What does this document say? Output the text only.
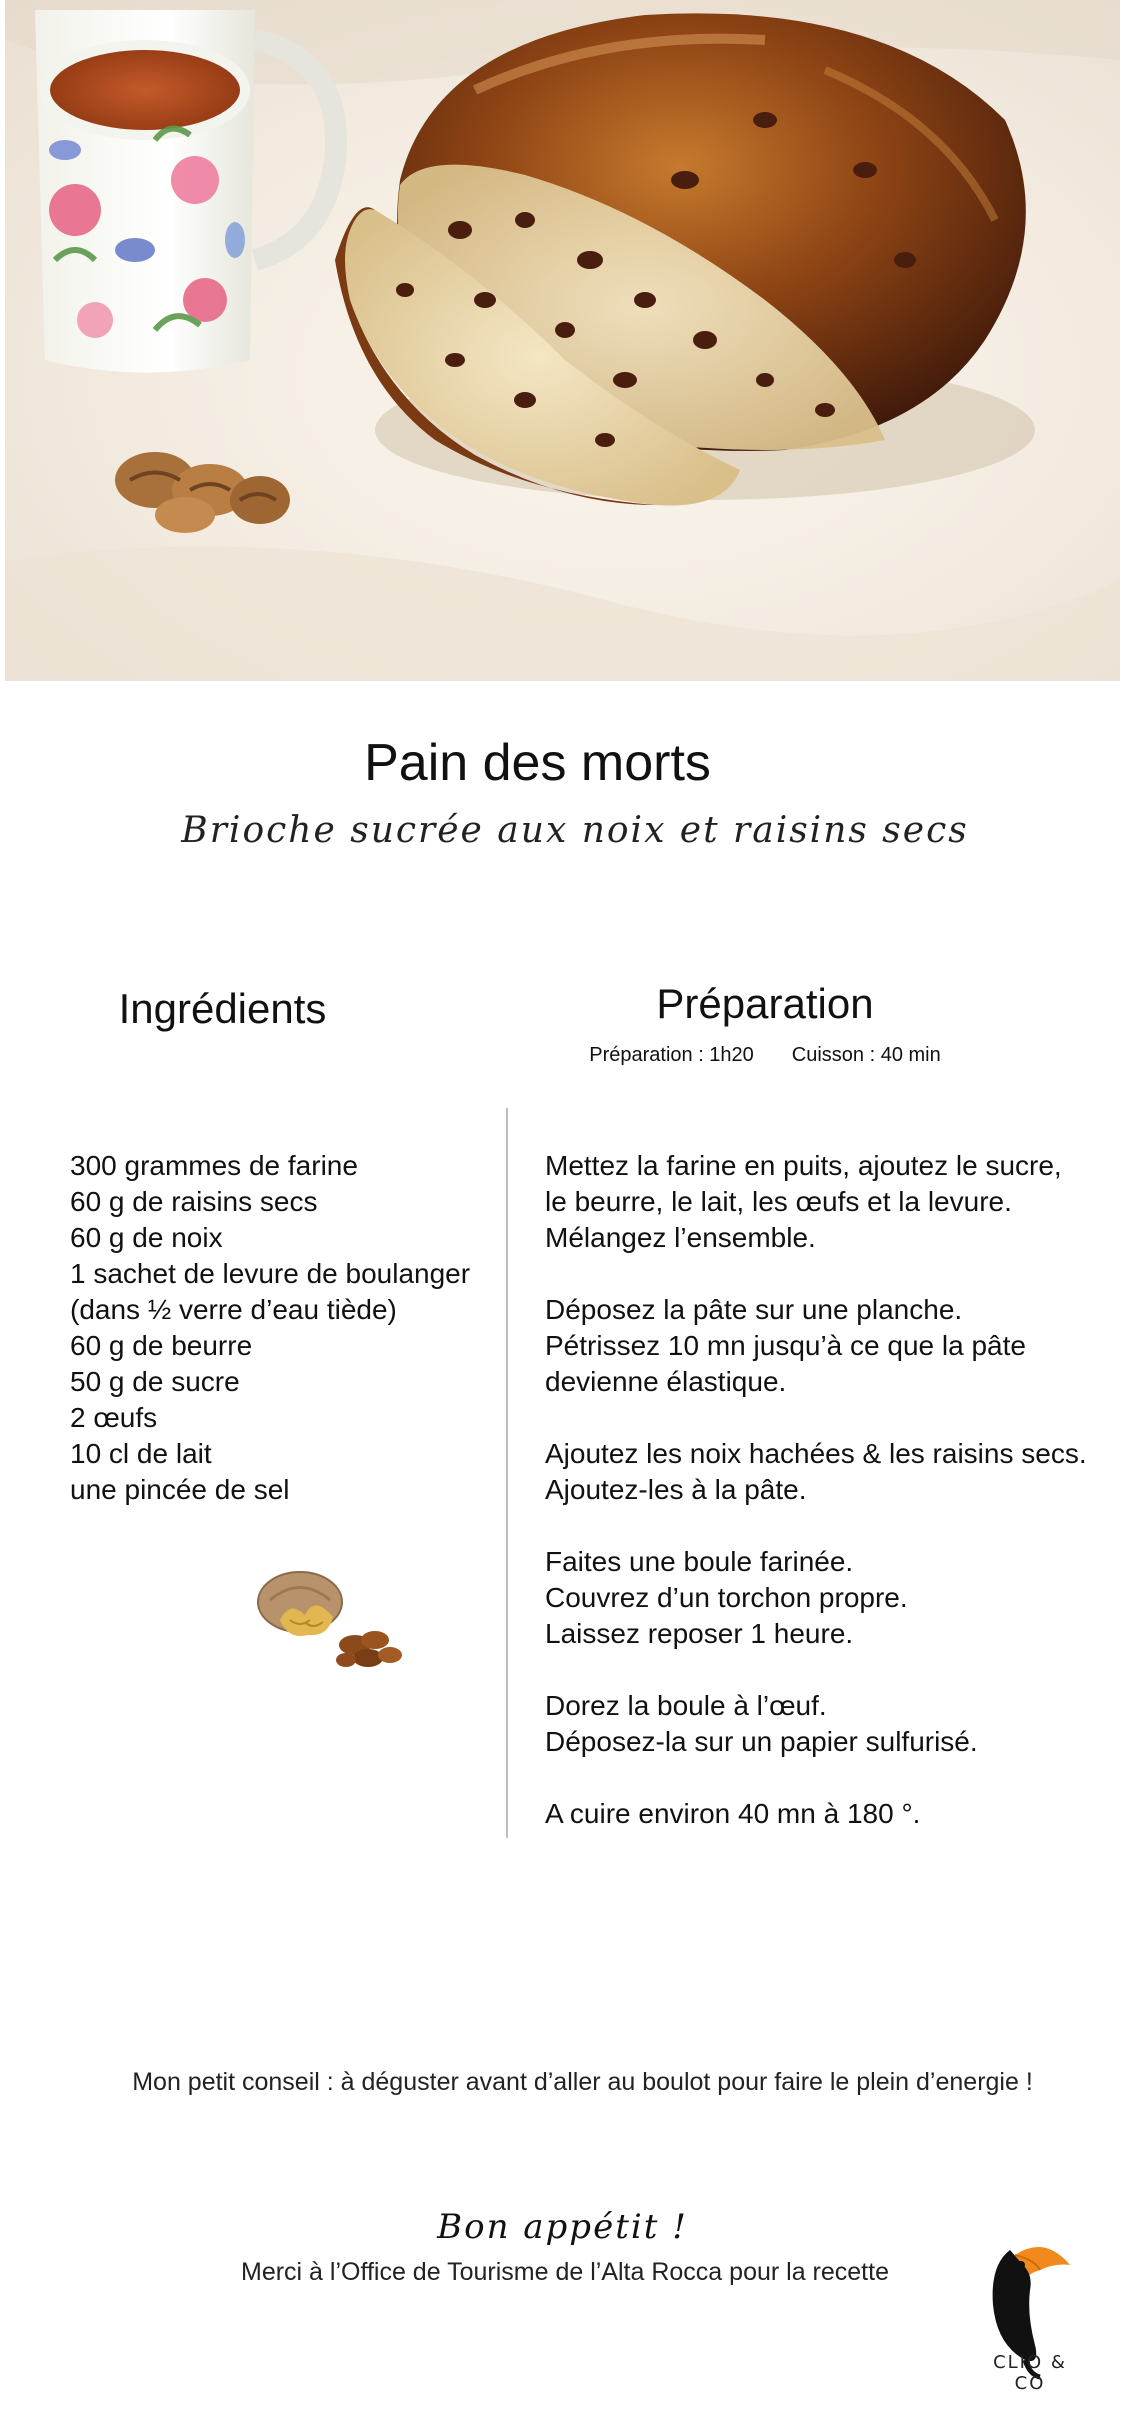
Pain des morts
Brioche sucrée aux noix et raisins secs
Ingrédients	Préparation
Préparation : 1h20 Cuisson : 40 min
300 grammes de farine
60 g de raisins secs
60 g de noix
1 sachet de levure de boulanger
(dans ½ verre d’eau tiède)
60 g de beurre
50 g de sucre
2 œufs
10 cl de lait
une pincée de sel
Mettez la farine en puits, ajoutez le sucre,
le beurre, le lait, les œufs et la levure.
Mélangez l’ensemble.
Déposez la pâte sur une planche.
Pétrissez 10 mn jusqu’à ce que la pâte
devienne élastique.
Ajoutez les noix hachées & les raisins secs.
Ajoutez-les à la pâte.
Faites une boule farinée.
Couvrez d’un torchon propre.
Laissez reposer 1 heure.
Dorez la boule à l’œuf.
Déposez-la sur un papier sulfurisé.
A cuire environ 40 mn à 180 °.
Mon petit conseil : à déguster avant d’aller au boulot pour faire le plein d’energie !
Bon appétit !
Merci à l’Office de Tourisme de l’Alta Rocca pour la recette
CLIO & CO
